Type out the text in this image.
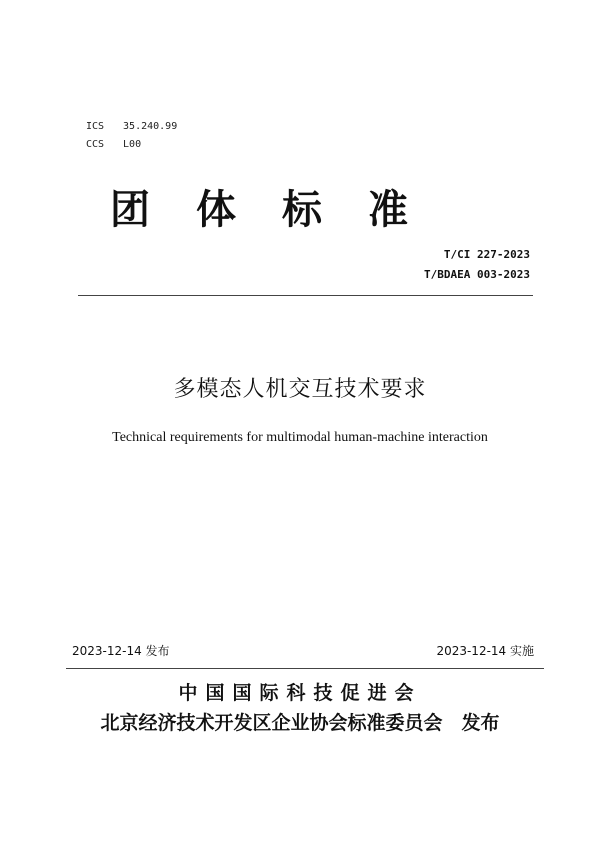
ICS 35.240.99
CCS L00
团体标准
T/CI 227-2023
T/BDAEA 003-2023
多模态人机交互技术要求
Technical requirements for multimodal human-machine interaction
2023-12-14 发布	2023-12-14 实施
中国国际科技促进会
北京经济技术开发区企业协会标准委员会　发布
